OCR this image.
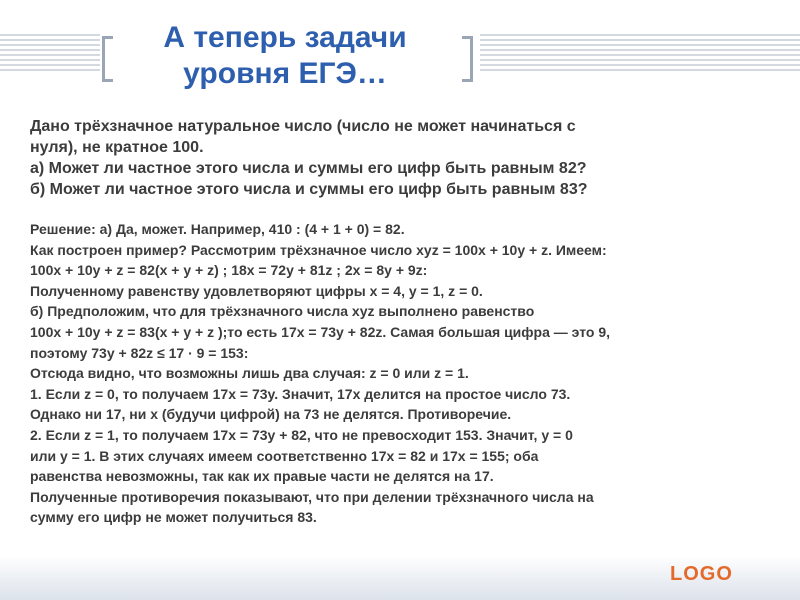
А теперь задачи
уровня ЕГЭ…
Дано трёхзначное натуральное число (число не может начинаться с
нуля), не кратное 100.
а) Может ли частное этого числа и суммы его цифр быть равным 82?
б) Может ли частное этого числа и суммы его цифр быть равным 83?
Решение: а) Да, может. Например, 410 : (4 + 1 + 0) = 82.
Как построен пример? Рассмотрим трёхзначное число xyz = 100x + 10y + z. Имеем:
100x + 10y + z = 82(x + y + z) ; 18x = 72y + 81z ; 2x = 8y + 9z:
Полученному равенству удовлетворяют цифры x = 4, y = 1, z = 0.
б) Предположим, что для трёхзначного числа xyz выполнено равенство
100x + 10y + z = 83(x + y + z );то есть 17x = 73y + 82z. Самая большая цифра — это 9,
поэтому 73y + 82z ≤ 17 · 9 = 153:
Отсюда видно, что возможны лишь два случая: z = 0 или z = 1.
1. Если z = 0, то получаем 17x = 73y. Значит, 17x делится на простое число 73.
Однако ни 17, ни x (будучи цифрой) на 73 не делятся. Противоречие.
2. Если z = 1, то получаем 17x = 73y + 82, что не превосходит 153. Значит, y = 0
или y = 1. В этих случаях имеем соответственно 17x = 82 и 17x = 155; оба
равенства невозможны, так как их правые части не делятся на 17.
Полученные противоречия показывают, что при делении трёхзначного числа на
сумму его цифр не может получиться 83.
LOGO
